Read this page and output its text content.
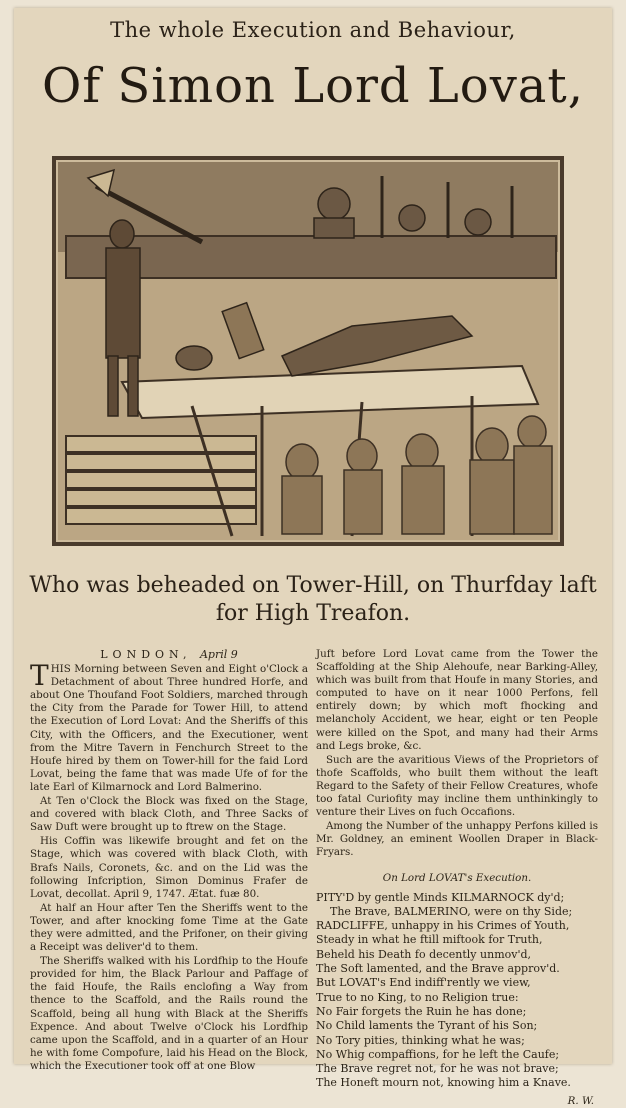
The whole Execution and Behaviour,
Of Simon Lord Lovat,
Who was beheaded on Tower-Hill, on Thurfday laft for High Treafon.
LONDON, April 9

THIS Morning between Seven and Eight o'Clock a Detachment of about Three hundred Horfe, and about One Thoufand Foot Soldiers, marched through the City from the Parade for Tower Hill, to attend the Execution of Lord Lovat: And the Sheriffs of this City, with the Officers, and the Executioner, went from the Mitre Tavern in Fenchurch Street to the Houfe hired by them on Tower-hill for the faid Lord Lovat, being the fame that was made Ufe of for the late Earl of Kilmarnock and Lord Balmerino.

At Ten o'Clock the Block was fixed on the Stage, and covered with black Cloth, and Three Sacks of Saw Duft were brought up to ftrew on the Stage.

His Coffin was likewife brought and fet on the Stage, which was covered with black Cloth, with Brafs Nails, Coronets, &c. and on the Lid was the following Infcription, Simon Dominus Frafer de Lovat, decollat. April 9, 1747. Ætat. fuæ 80.

At half an Hour after Ten the Sheriffs went to the Tower, and after knocking fome Time at the Gate they were admitted, and the Prifoner, on their giving a Receipt was deliver'd to them.

The Sheriffs walked with his Lordfhip to the Houfe provided for him, the Black Parlour and Paffage of the faid Houfe, the Rails enclofing a Way from thence to the Scaffold, and the Rails round the Scaffold, being all hung with Black at the Sheriffs Expence. And about Twelve o'Clock his Lordfhip came upon the Scaffold, and in a quarter of an Hour he with fome Compofure, laid his Head on the Block, which the Executioner took off at one Blow

Juft before Lord Lovat came from the Tower the Scaffolding at the Ship Alehoufe, near Barking-Alley, which was built from that Houfe in many Stories, and computed to have on it near 1000 Perfons, fell entirely down; by which moft fhocking and melancholy Accident, we hear, eight or ten People were killed on the Spot, and many had their Arms and Legs broke, &c.

Such are the avaritious Views of the Proprietors of thofe Scaffolds, who built them without the leaft Regard to the Safety of their Fellow Creatures, whofe too fatal Curiofity may incline them unthinkingly to venture their Lives on fuch Occafions.

Among the Number of the unhappy Perfons killed is Mr. Goldney, an eminent Woollen Draper in Black-Fryars.

On Lord LOVAT's Execution.
PITY'D by gentle Minds KILMARNOCK dy'd;
The Brave, BALMERINO, were on thy Side;
RADCLIFFE, unhappy in his Crimes of Youth,
Steady in what he ftill miftook for Truth,
Beheld his Death fo decently unmov'd,
The Soft lamented, and the Brave approv'd.
But LOVAT's End indiff'rently we view,
True to no King, to no Religion true:
No Fair forgets the Ruin he has done;
No Child laments the Tyrant of his Son;
No Tory pities, thinking what he was;
No Whig compaffions, for he left the Caufe;
The Brave regret not, for he was not brave;
The Honeft mourn not, knowing him a Knave.
R. W.
